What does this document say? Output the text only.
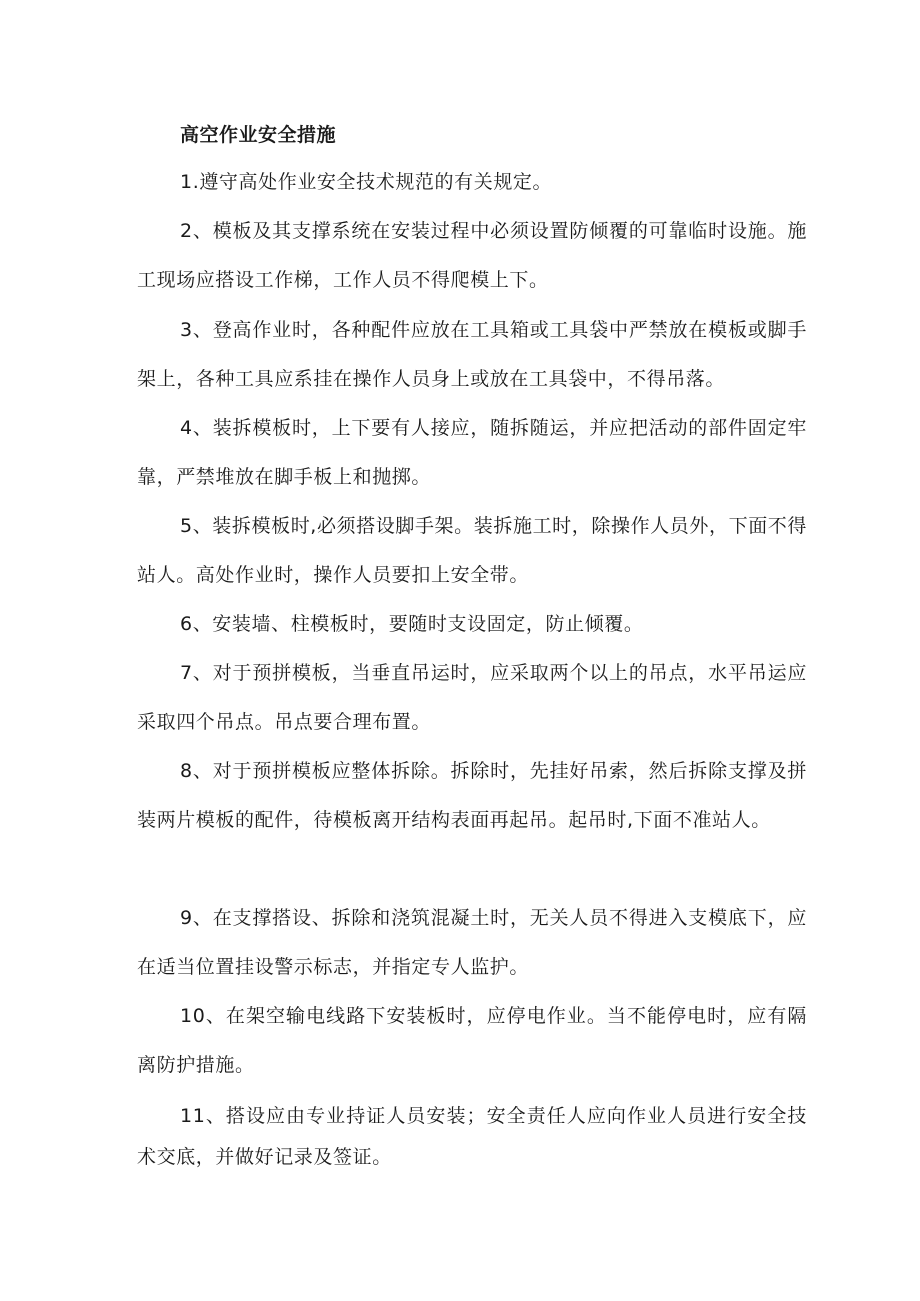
高空作业安全措施

1.遵守高处作业安全技术规范的有关规定。

2、模板及其支撑系统在安装过程中必须设置防倾覆的可靠临时设施。施工现场应搭设工作梯，工作人员不得爬模上下。

3、登高作业时，各种配件应放在工具箱或工具袋中严禁放在模板或脚手架上，各种工具应系挂在操作人员身上或放在工具袋中，不得吊落。

4、装拆模板时，上下要有人接应，随拆随运，并应把活动的部件固定牢靠，严禁堆放在脚手板上和抛掷。

5、装拆模板时,必须搭设脚手架。装拆施工时，除操作人员外，下面不得站人。高处作业时，操作人员要扣上安全带。

6、安装墙、柱模板时，要随时支设固定，防止倾覆。

7、对于预拼模板，当垂直吊运时，应采取两个以上的吊点，水平吊运应采取四个吊点。吊点要合理布置。

8、对于预拼模板应整体拆除。拆除时，先挂好吊索，然后拆除支撑及拼装两片模板的配件，待模板离开结构表面再起吊。起吊时,下面不准站人。

9、在支撑搭设、拆除和浇筑混凝土时，无关人员不得进入支模底下，应在适当位置挂设警示标志，并指定专人监护。

10、在架空输电线路下安装板时，应停电作业。当不能停电时，应有隔离防护措施。

11、搭设应由专业持证人员安装；安全责任人应向作业人员进行安全技术交底，并做好记录及签证。
